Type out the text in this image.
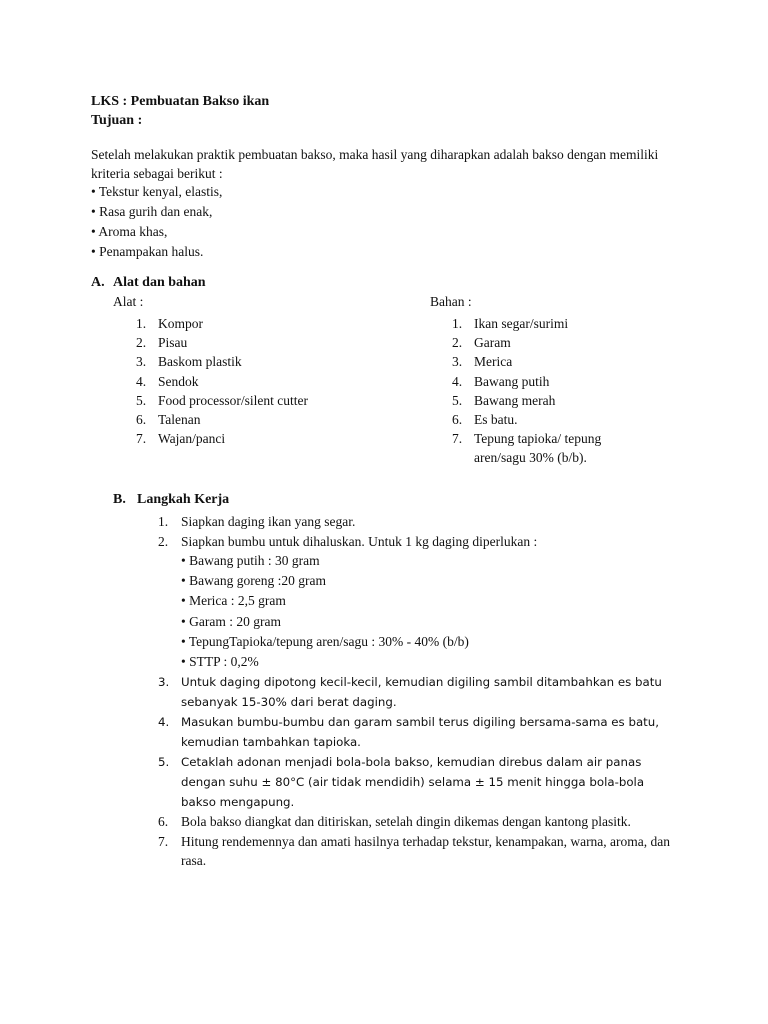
LKS : Pembuatan Bakso ikan
Tujuan :
Setelah melakukan praktik pembuatan bakso, maka hasil yang diharapkan adalah bakso dengan memiliki kriteria sebagai berikut :
• Tekstur kenyal, elastis,
• Rasa gurih dan enak,
• Aroma khas,
• Penampakan halus.
A. Alat dan bahan
Alat :	Bahan :
1. Kompor
2. Pisau
3. Baskom plastik
4. Sendok
5. Food processor/silent cutter
6. Talenan
7. Wajan/panci
1. Ikan segar/surimi
2. Garam
3. Merica
4. Bawang putih
5. Bawang merah
6. Es batu.
7. Tepung tapioka/ tepung aren/sagu 30% (b/b).
B. Langkah Kerja
1. Siapkan daging ikan yang segar.
2. Siapkan bumbu untuk dihaluskan. Untuk 1 kg daging diperlukan :
• Bawang putih : 30 gram
• Bawang goreng :20 gram
• Merica : 2,5 gram
• Garam : 20 gram
• TepungTapioka/tepung aren/sagu : 30% - 40% (b/b)
• STTP : 0,2%
3. Untuk daging dipotong kecil-kecil, kemudian digiling sambil ditambahkan es batu sebanyak 15-30% dari berat daging.
4. Masukan bumbu-bumbu dan garam sambil terus digiling bersama-sama es batu, kemudian tambahkan tapioka.
5. Cetaklah adonan menjadi bola-bola bakso, kemudian direbus dalam air panas dengan suhu ± 80°C (air tidak mendidih) selama ± 15 menit hingga bola-bola bakso mengapung.
6. Bola bakso diangkat dan ditiriskan, setelah dingin dikemas dengan kantong plasitk.
7. Hitung rendemennya dan amati hasilnya terhadap tekstur, kenampakan, warna, aroma, dan rasa.
